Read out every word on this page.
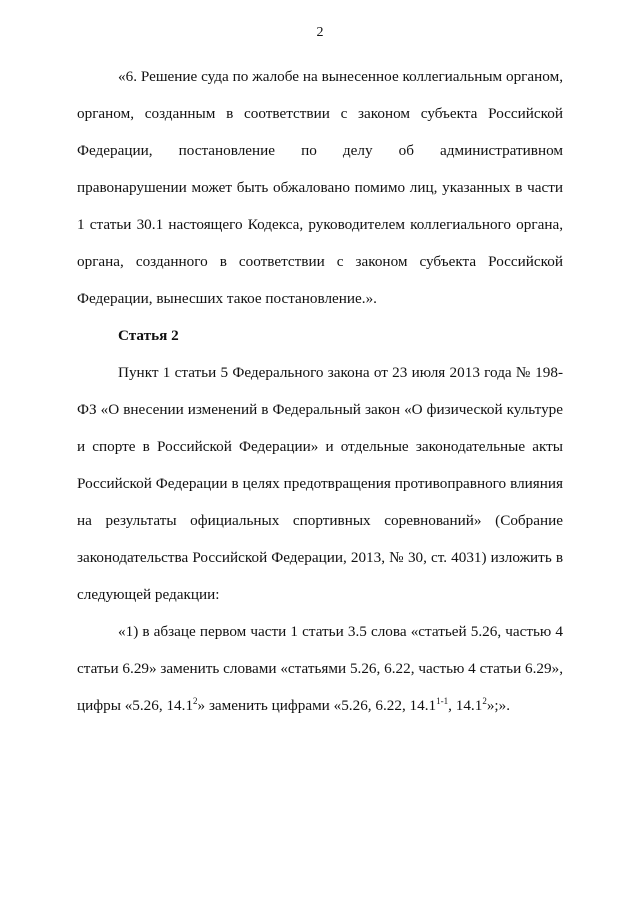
2

«6. Решение суда по жалобе на вынесенное коллегиальным органом, органом, созданным в соответствии с законом субъекта Российской Федерации, постановление по делу об административном правонарушении может быть обжаловано помимо лиц, указанных в части 1 статьи 30.1 настоящего Кодекса, руководителем коллегиального органа, органа, созданного в соответствии с законом субъекта Российской Федерации, вынесших такое постановление.».

Статья 2

Пункт 1 статьи 5 Федерального закона от 23 июля 2013 года № 198-ФЗ «О внесении изменений в Федеральный закон «О физической культуре и спорте в Российской Федерации» и отдельные законодательные акты Российской Федерации в целях предотвращения противоправного влияния на результаты официальных спортивных соревнований» (Собрание законодательства Российской Федерации, 2013, № 30, ст. 4031) изложить в следующей редакции:

«1) в абзаце первом части 1 статьи 3.5 слова «статьей 5.26, частью 4 статьи 6.29» заменить словами «статьями 5.26, 6.22, частью 4 статьи 6.29», цифры «5.26, 14.1$^2$» заменить цифрами «5.26, 6.22, 14.1$^{1-1}$, 14.1$^2$»;».
